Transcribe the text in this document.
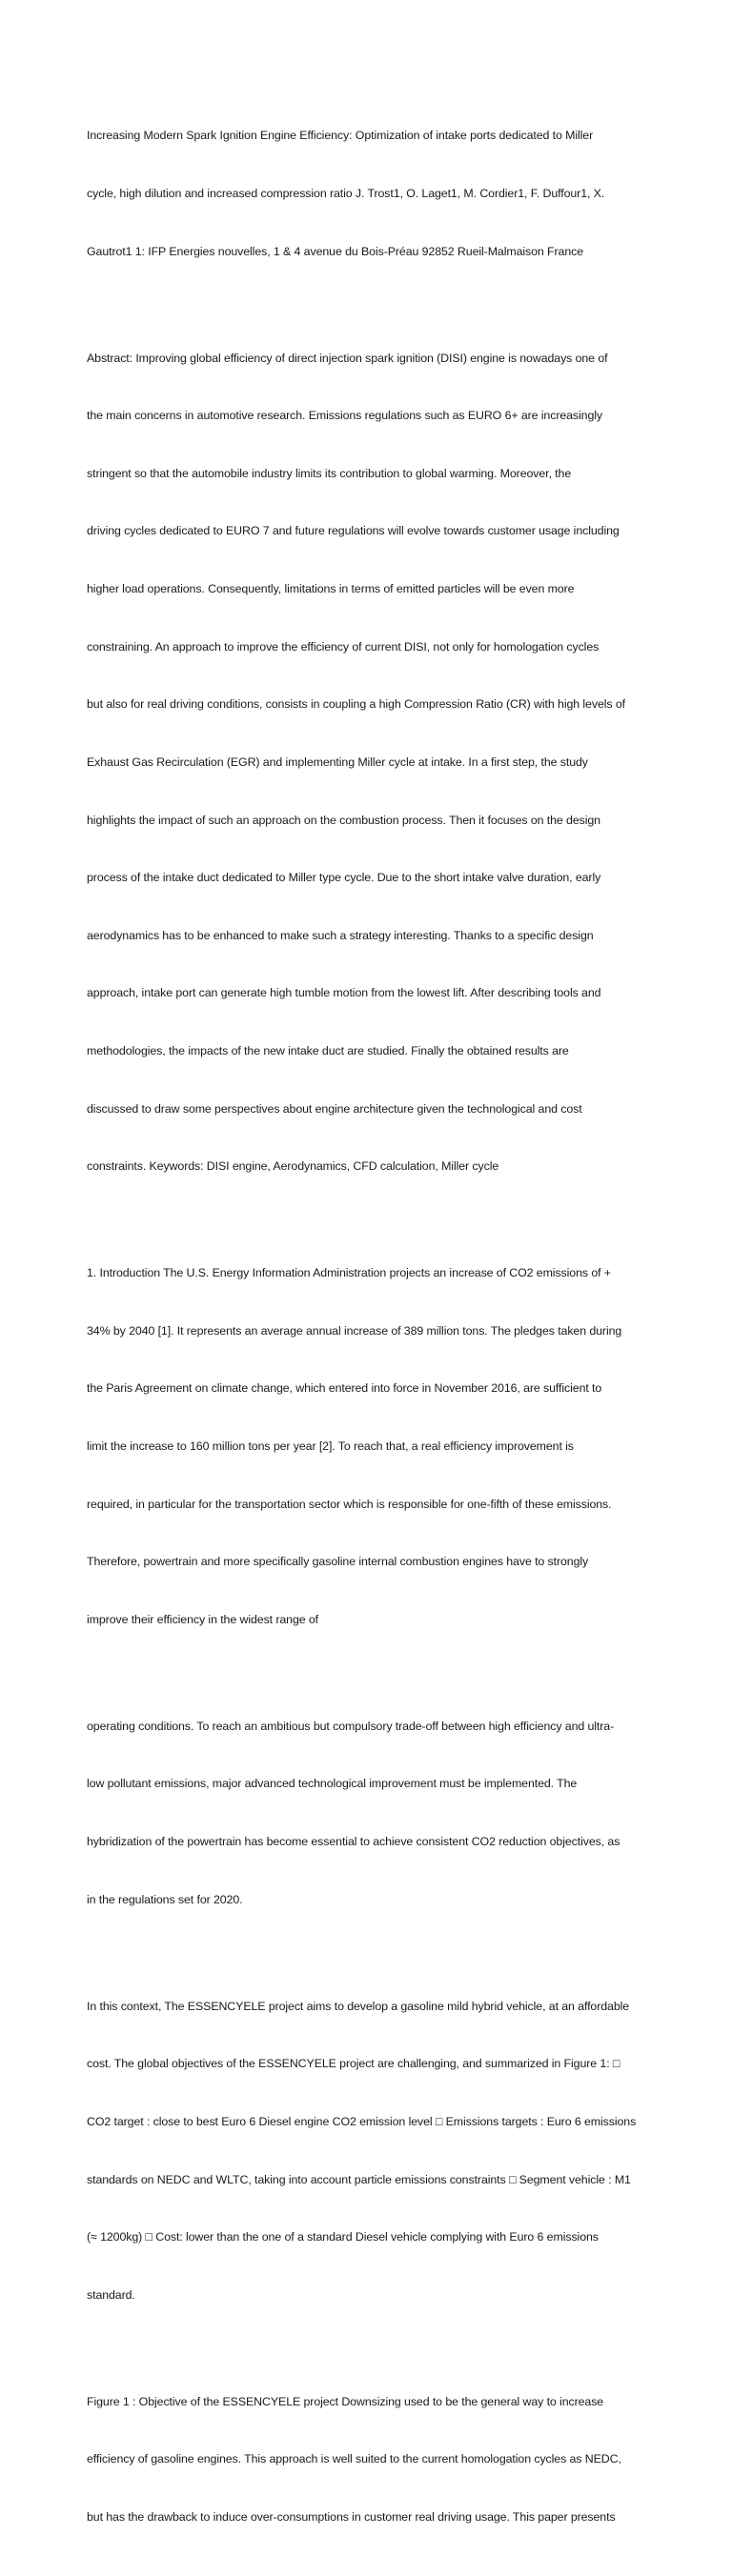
Increasing Modern Spark Ignition Engine Efficiency: Optimization of intake ports dedicated to Miller

cycle, high dilution and increased compression ratio J. Trost1, O. Laget1, M. Cordier1, F. Duffour1, X.

Gautrot1 1: IFP Energies nouvelles, 1 & 4 avenue du Bois-Préau 92852 Rueil-Malmaison France

Abstract: Improving global efficiency of direct injection spark ignition (DISI) engine is nowadays one of

the main concerns in automotive research. Emissions regulations such as EURO 6+ are increasingly

stringent so that the automobile industry limits its contribution to global warming. Moreover, the

driving cycles dedicated to EURO 7 and future regulations will evolve towards customer usage including

higher load operations. Consequently, limitations in terms of emitted particles will be even more

constraining. An approach to improve the efficiency of current DISI, not only for homologation cycles

but also for real driving conditions, consists in coupling a high Compression Ratio (CR) with high levels of

Exhaust Gas Recirculation (EGR) and implementing Miller cycle at intake. In a first step, the study

highlights the impact of such an approach on the combustion process. Then it focuses on the design

process of the intake duct dedicated to Miller type cycle. Due to the short intake valve duration, early

aerodynamics has to be enhanced to make such a strategy interesting. Thanks to a specific design

approach, intake port can generate high tumble motion from the lowest lift. After describing tools and

methodologies, the impacts of the new intake duct are studied. Finally the obtained results are

discussed to draw some perspectives about engine architecture given the technological and cost

constraints. Keywords: DISI engine, Aerodynamics, CFD calculation, Miller cycle

1. Introduction The U.S. Energy Information Administration projects an increase of CO2 emissions of +

34% by 2040 [1]. It represents an average annual increase of 389 million tons. The pledges taken during

the Paris Agreement on climate change, which entered into force in November 2016, are sufficient to

limit the increase to 160 million tons per year [2]. To reach that, a real efficiency improvement is

required, in particular for the transportation sector which is responsible for one-fifth of these emissions.

Therefore, powertrain and more specifically gasoline internal combustion engines have to strongly

improve their efficiency in the widest range of

operating conditions. To reach an ambitious but compulsory trade-off between high efficiency and ultra-

low pollutant emissions, major advanced technological improvement must be implemented. The

hybridization of the powertrain has become essential to achieve consistent CO2 reduction objectives, as

in the regulations set for 2020.

In this context, The ESSENCYELE project aims to develop a gasoline mild hybrid vehicle, at an affordable

cost. The global objectives of the ESSENCYELE project are challenging, and summarized in Figure 1: □

CO2 target : close to best Euro 6 Diesel engine CO2 emission level □ Emissions targets : Euro 6 emissions

standards on NEDC and WLTC, taking into account particle emissions constraints □ Segment vehicle : M1

(≈ 1200kg) □ Cost: lower than the one of a standard Diesel vehicle complying with Euro 6 emissions

standard.

Figure 1 : Objective of the ESSENCYELE project Downsizing used to be the general way to increase

efficiency of gasoline engines. This approach is well suited to the current homologation cycles as NEDC,

but has the drawback to induce over-consumptions in customer real driving usage. This paper presents
